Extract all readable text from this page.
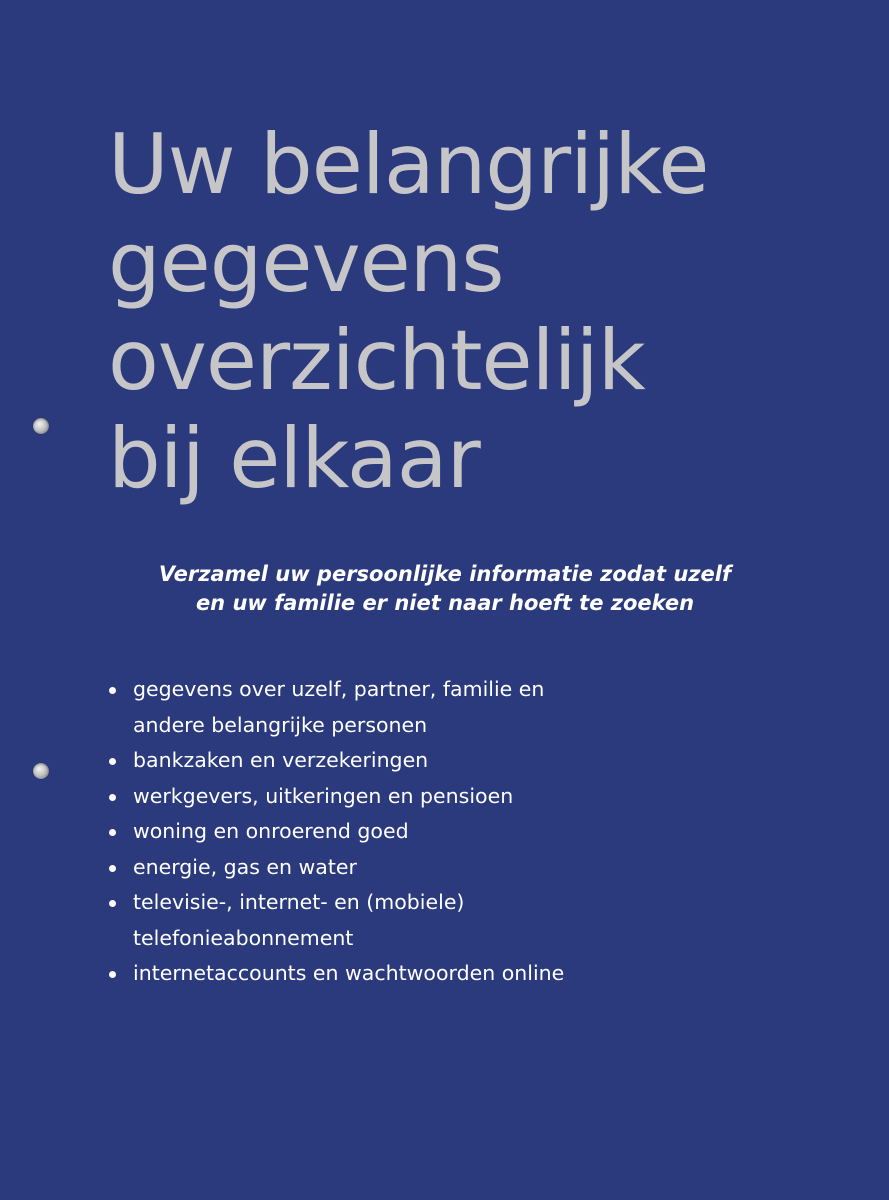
Uw belangrijke
gegevens
overzichtelijk
bij elkaar

Verzamel uw persoonlijke informatie zodat uzelf
en uw familie er niet naar hoeft te zoeken

gegevens over uzelf, partner, familie en
andere belangrijke personen
bankzaken en verzekeringen
werkgevers, uitkeringen en pensioen
woning en onroerend goed
energie, gas en water
televisie-, internet- en (mobiele)
telefonieabonnement
internetaccounts en wachtwoorden online
